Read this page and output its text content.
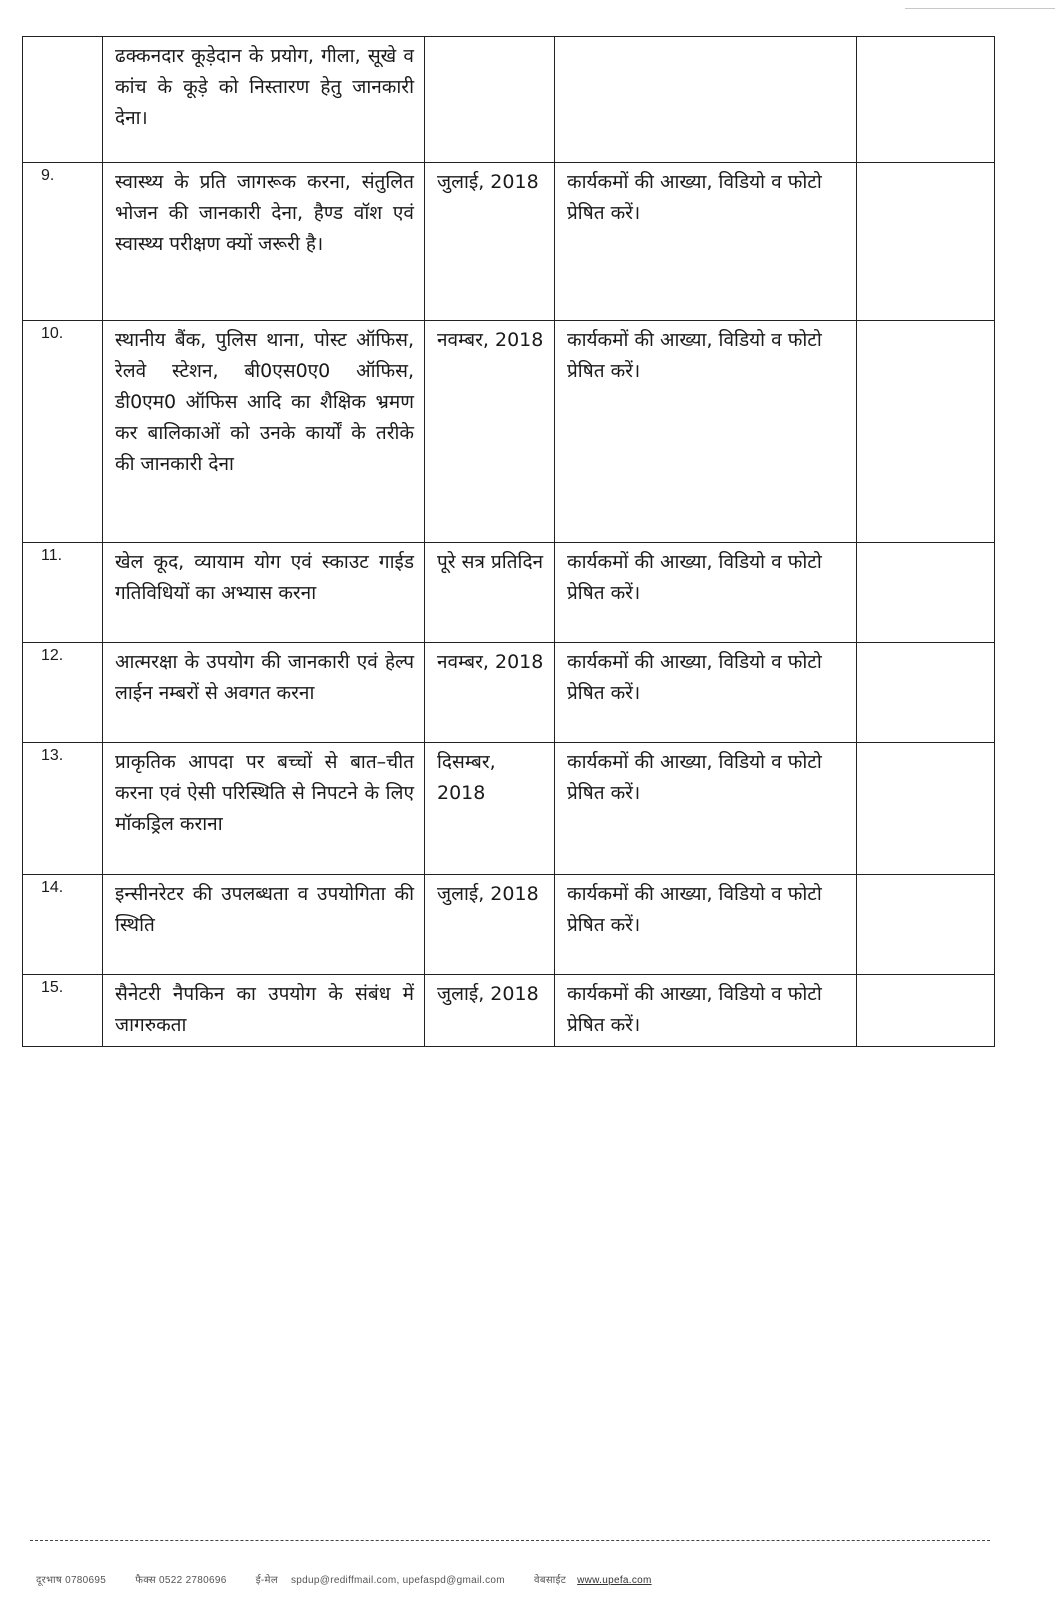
	ढक्कनदार कूड़ेदान के प्रयोग, गीला, सूखे व कांच के कूड़े को निस्तारण हेतु जानकारी देना।			
9.	स्वास्थ्य के प्रति जागरूक करना, संतुलित भोजन की जानकारी देना, हैण्ड वॉश एवं स्वास्थ्य परीक्षण क्यों जरूरी है।	जुलाई, 2018	कार्यकमों की आख्या, विडियो व फोटो प्रेषित करें।	
10.	स्थानीय बैंक, पुलिस थाना, पोस्ट ऑफिस, रेलवे स्टेशन, बी0एस0ए0 ऑफिस, डी0एम0 ऑफिस आदि का शैक्षिक भ्रमण कर बालिकाओं को उनके कार्यों के तरीके की जानकारी देना	नवम्बर, 2018	कार्यकमों की आख्या, विडियो व फोटो प्रेषित करें।	
11.	खेल कूद, व्यायाम योग एवं स्काउट गाईड गतिविधियों का अभ्यास करना	पूरे सत्र प्रतिदिन	कार्यकमों की आख्या, विडियो व फोटो प्रेषित करें।	
12.	आत्मरक्षा के उपयोग की जानकारी एवं हेल्प लाईन नम्बरों से अवगत करना	नवम्बर, 2018	कार्यकमों की आख्या, विडियो व फोटो प्रेषित करें।	
13.	प्राकृतिक आपदा पर बच्चों से बात–चीत करना एवं ऐसी परिस्थिति से निपटने के लिए मॉकड्रिल कराना	दिसम्बर, 2018	कार्यकमों की आख्या, विडियो व फोटो प्रेषित करें।	
14.	इन्सीनरेटर की उपलब्धता व उपयोगिता की स्थिति	जुलाई, 2018	कार्यकमों की आख्या, विडियो व फोटो प्रेषित करें।	
15.	सैनेटरी नैपकिन का उपयोग के संबंध में जागरुकता	जुलाई, 2018	कार्यकमों की आख्या, विडियो व फोटो प्रेषित करें।	
दूरभाष 0780695	फैक्स 0522 2780696	ई-मेल spdup@rediffmail.com, upefaspd@gmail.com	वेबसाईट www.upefa.com
